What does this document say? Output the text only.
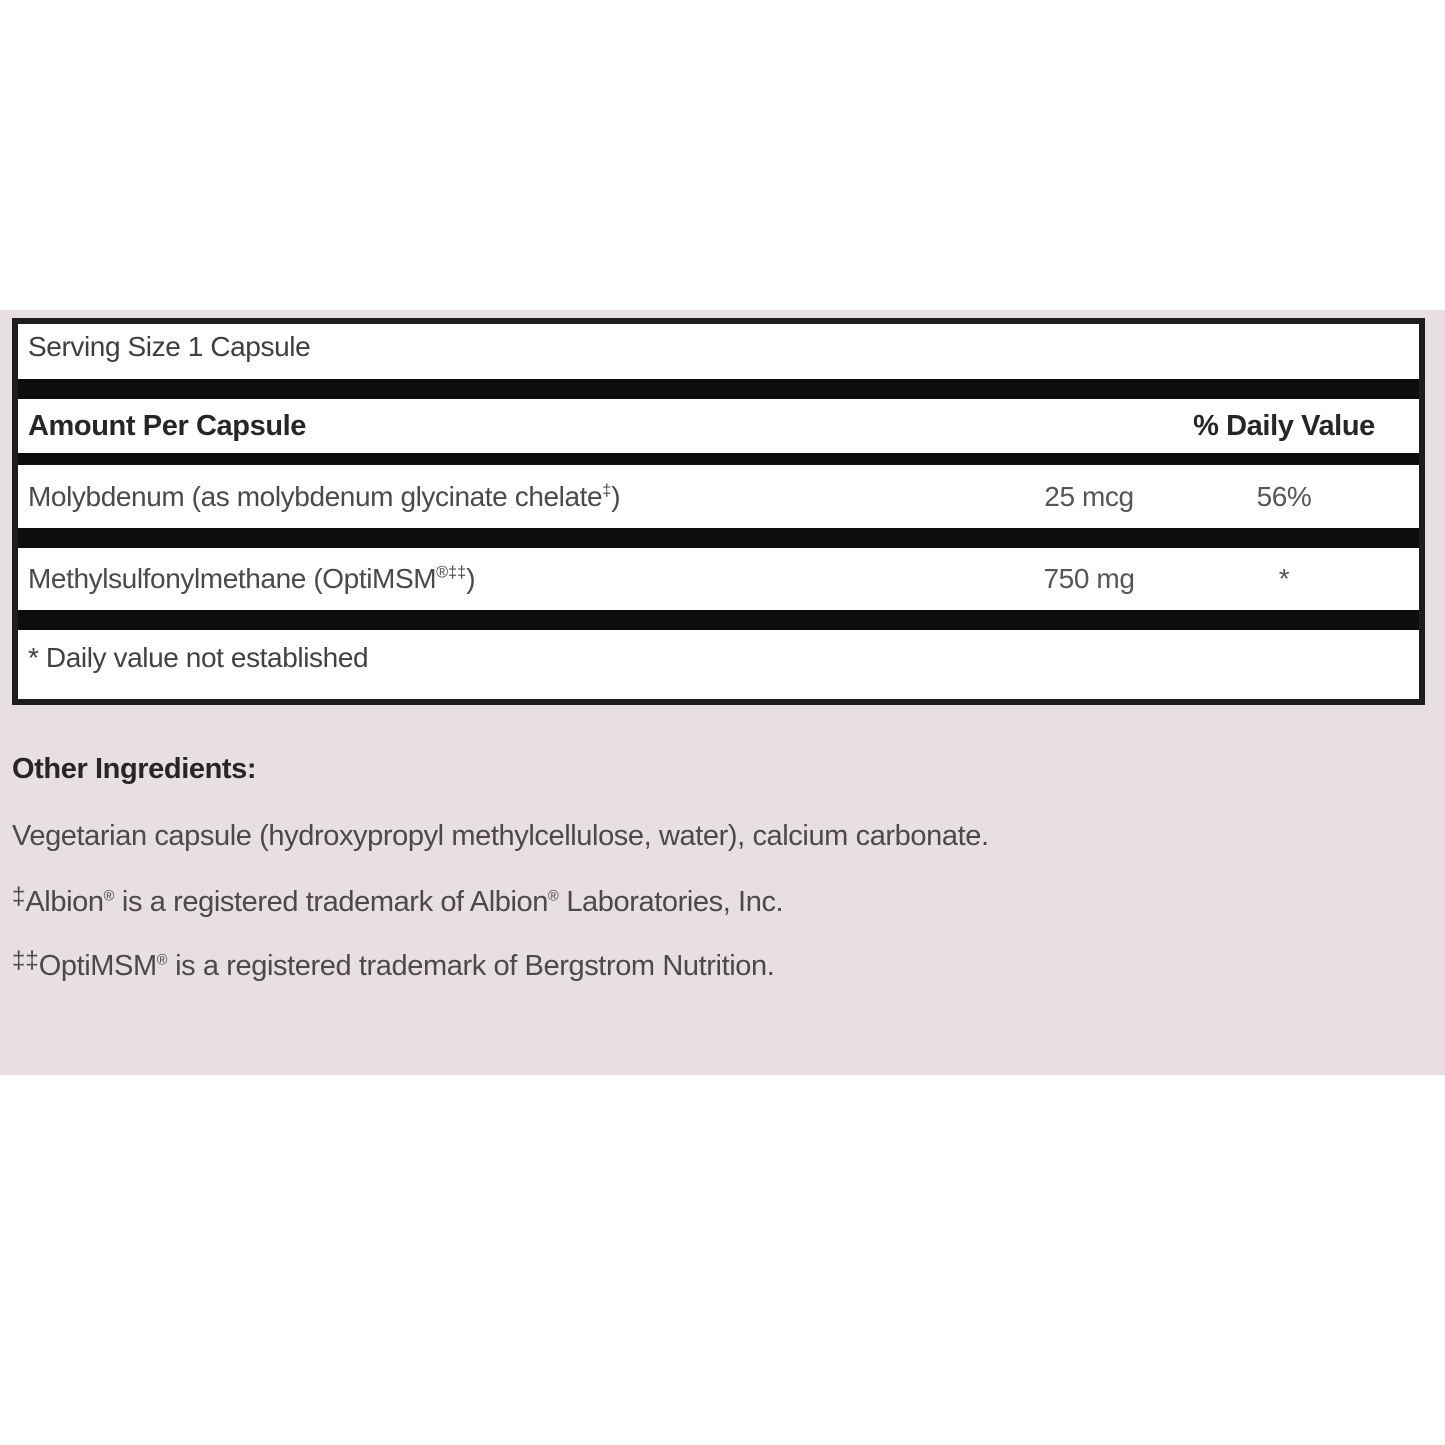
Serving Size 1 Capsule
Amount Per Capsule	% Daily Value
Molybdenum (as molybdenum glycinate chelate‡)	25 mcg	56%
Methylsulfonylmethane (OptiMSM®‡‡)	750 mg	*
* Daily value not established
Other Ingredients:
Vegetarian capsule (hydroxypropyl methylcellulose, water), calcium carbonate.
‡Albion® is a registered trademark of Albion® Laboratories, Inc.
‡‡OptiMSM® is a registered trademark of Bergstrom Nutrition.
